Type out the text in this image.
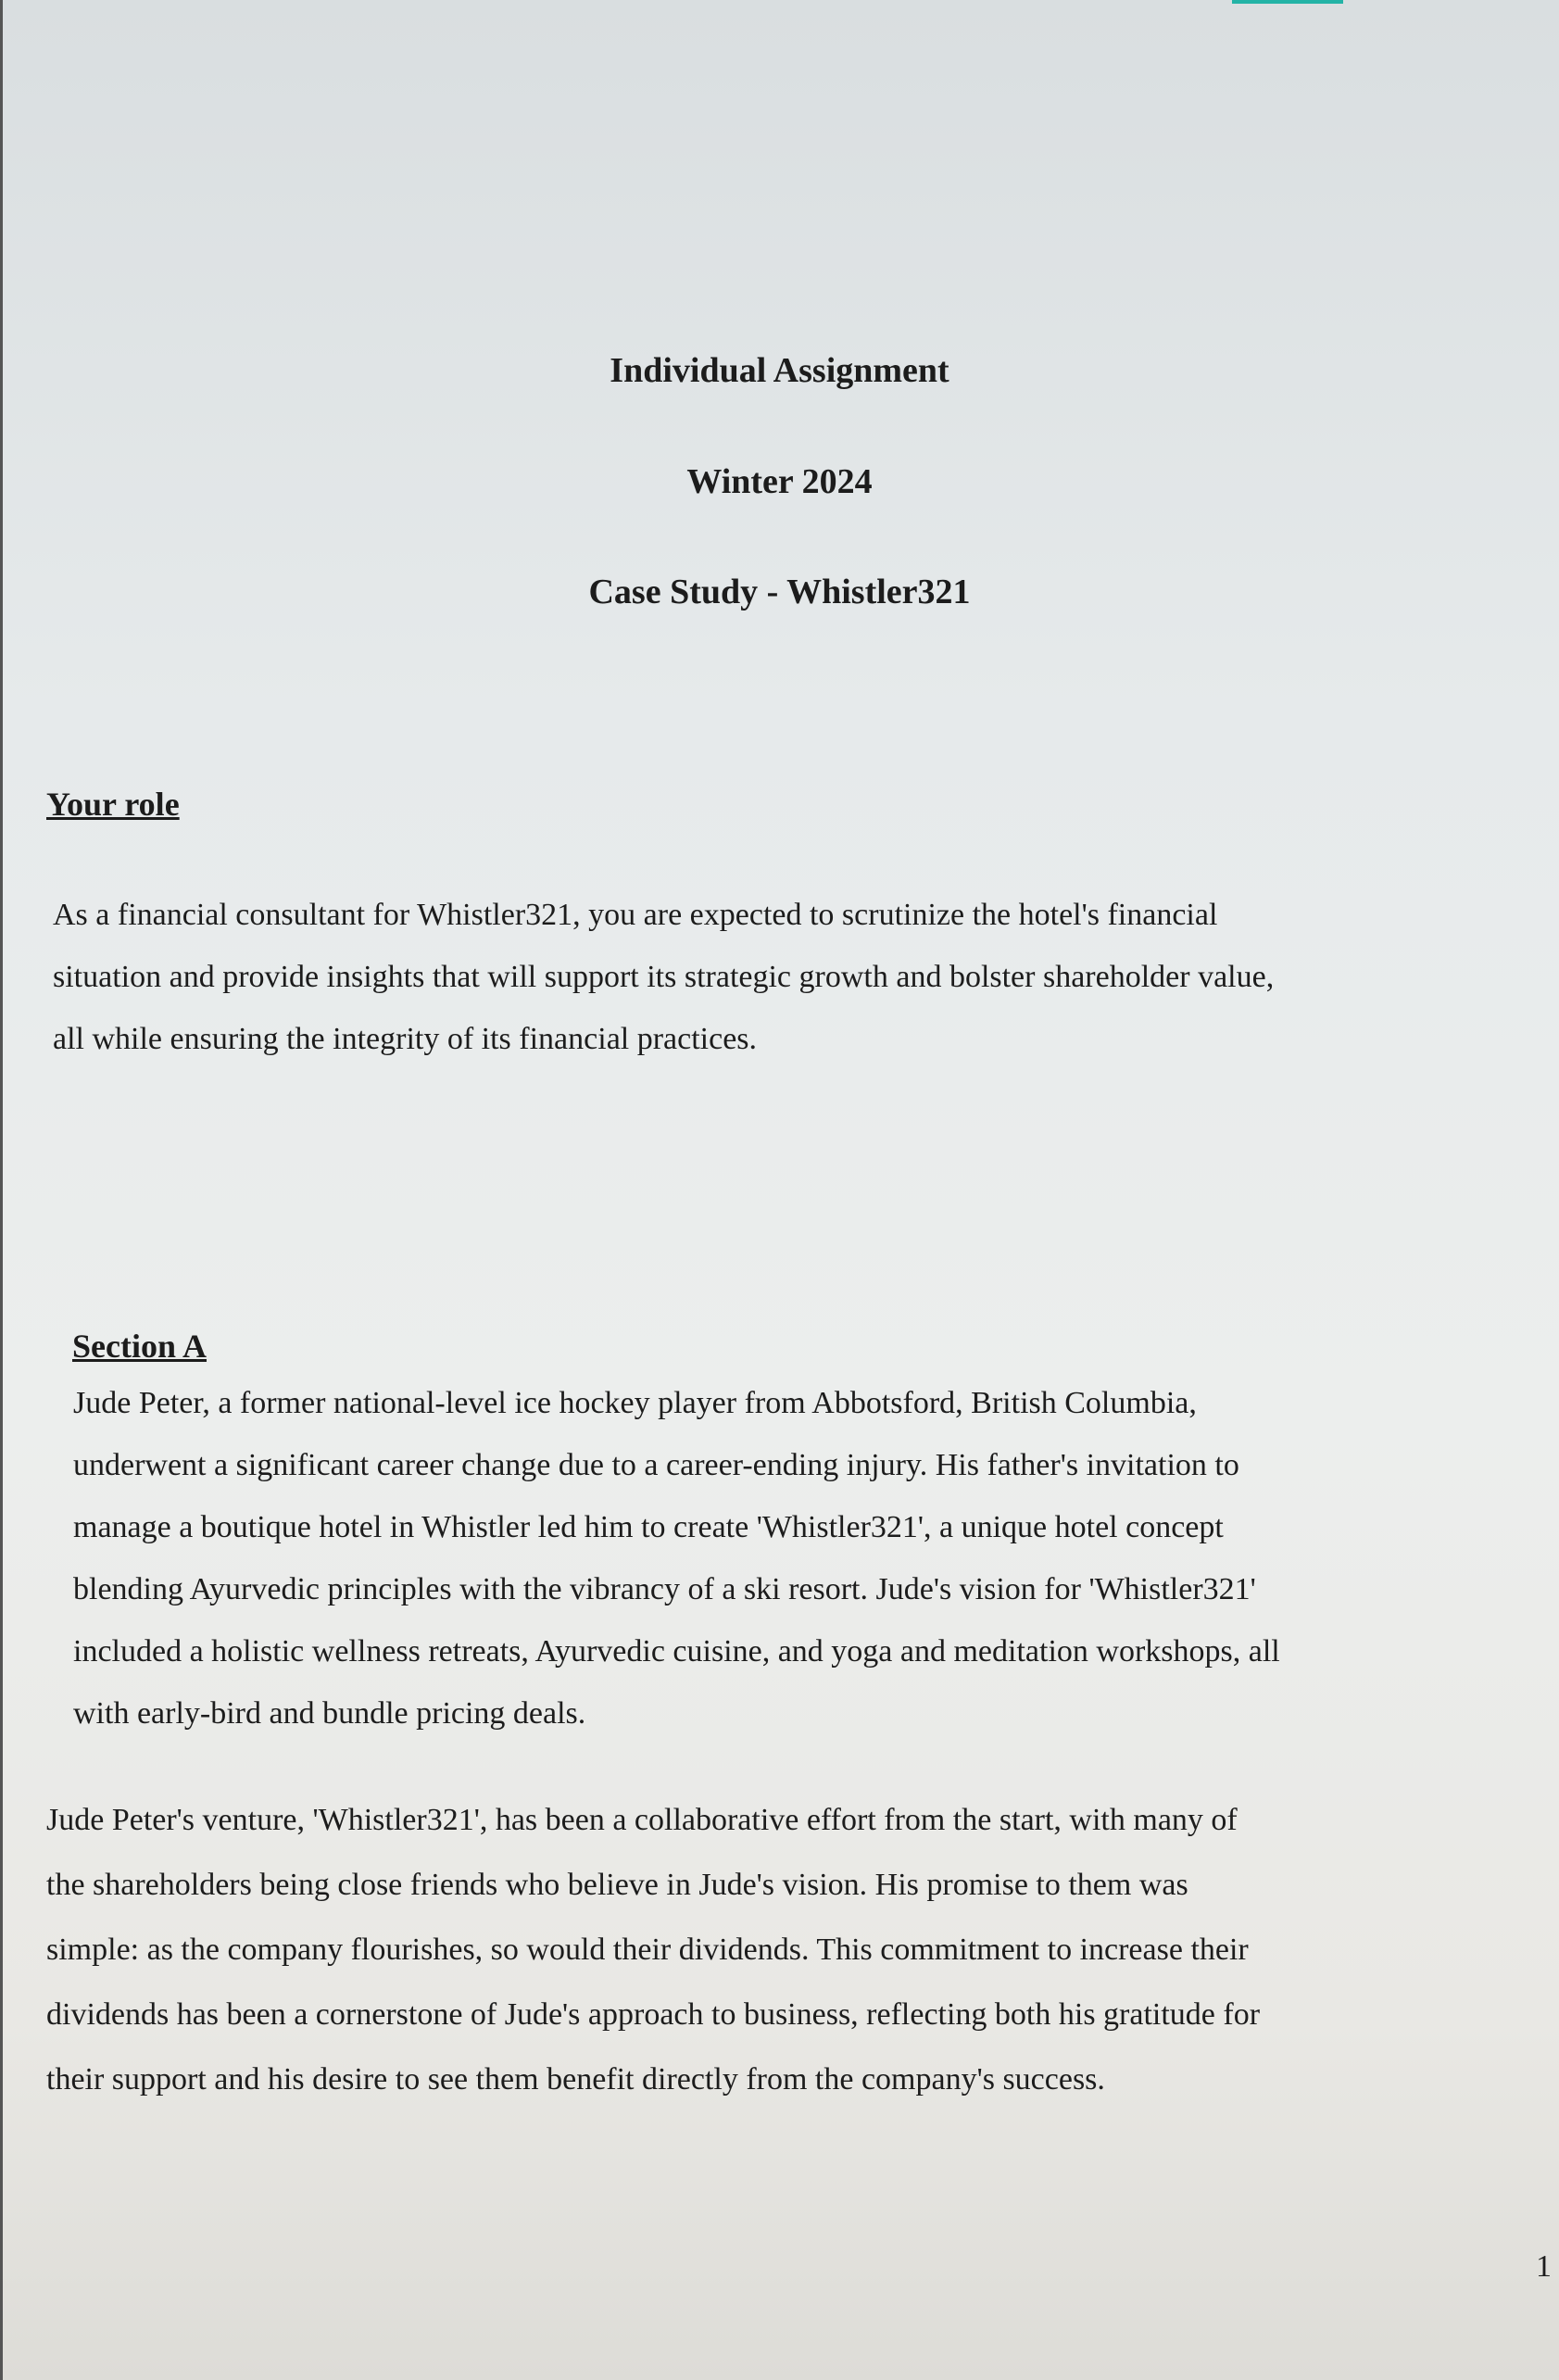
Individual Assignment
Winter 2024
Case Study - Whistler321
Your role

As a financial consultant for Whistler321, you are expected to scrutinize the hotel's financial

situation and provide insights that will support its strategic growth and bolster shareholder value,

all while ensuring the integrity of its financial practices.

Section A

Jude Peter, a former national-level ice hockey player from Abbotsford, British Columbia,

underwent a significant career change due to a career-ending injury. His father's invitation to

manage a boutique hotel in Whistler led him to create 'Whistler321', a unique hotel concept

blending Ayurvedic principles with the vibrancy of a ski resort. Jude's vision for 'Whistler321'

included a holistic wellness retreats, Ayurvedic cuisine, and yoga and meditation workshops, all

with early-bird and bundle pricing deals.

Jude Peter's venture, 'Whistler321', has been a collaborative effort from the start, with many of

the shareholders being close friends who believe in Jude's vision. His promise to them was

simple: as the company flourishes, so would their dividends. This commitment to increase their

dividends has been a cornerstone of Jude's approach to business, reflecting both his gratitude for

their support and his desire to see them benefit directly from the company's success.

1
